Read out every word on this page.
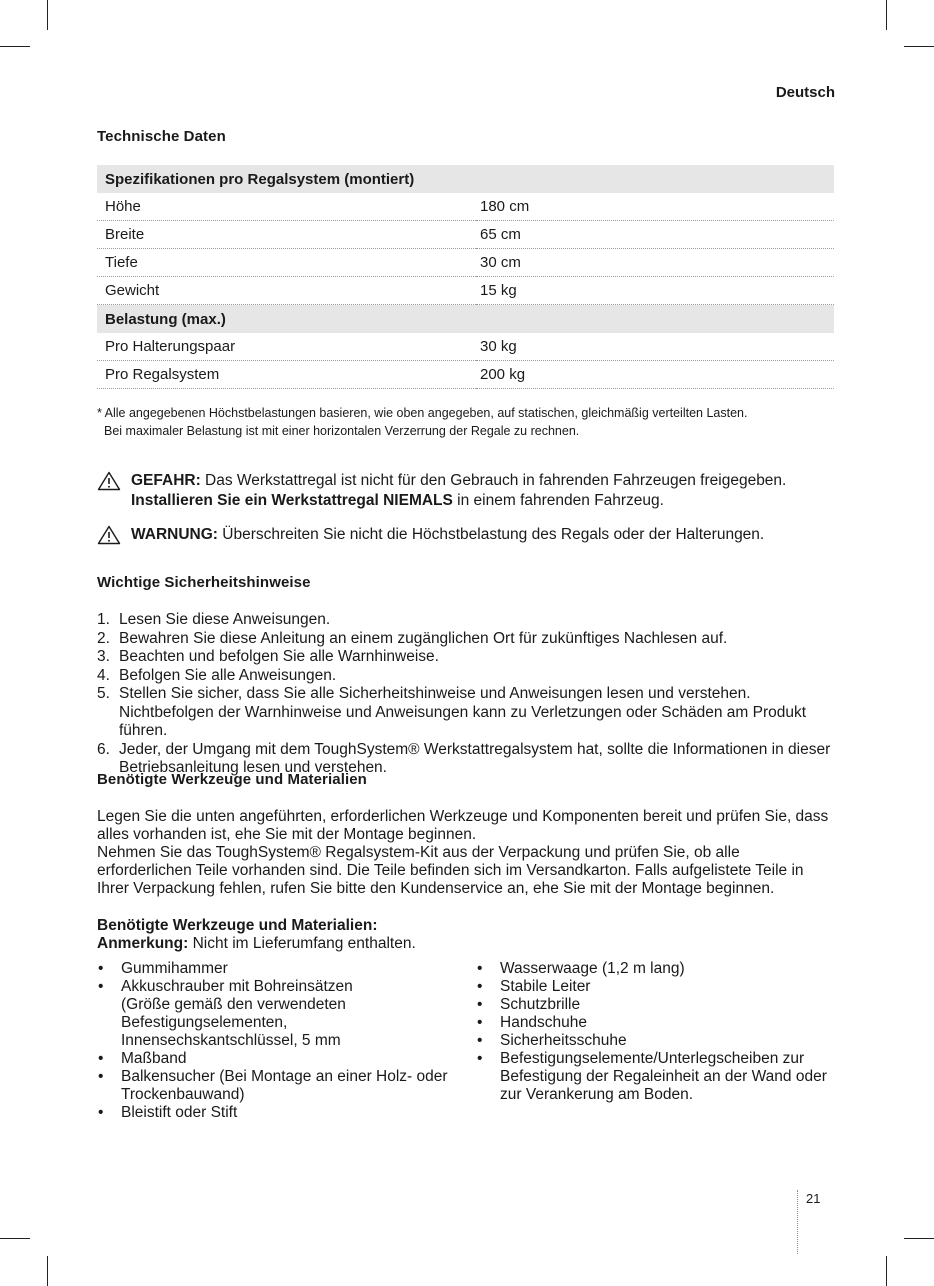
Deutsch
Technische Daten
Spezifikationen pro Regalsystem (montiert)	
Höhe	180 cm
Breite	65 cm
Tiefe	30 cm
Gewicht	15 kg
Belastung (max.)	
Pro Halterungspaar	30 kg
Pro Regalsystem	200 kg
* Alle angegebenen Höchstbelastungen basieren, wie oben angegeben, auf statischen, gleichmäßig verteilten Lasten.
Bei maximaler Belastung ist mit einer horizontalen Verzerrung der Regale zu rechnen.
GEFAHR: Das Werkstattregal ist nicht für den Gebrauch in fahrenden Fahrzeugen freigegeben.
Installieren Sie ein Werkstattregal NIEMALS in einem fahrenden Fahrzeug.
WARNUNG: Überschreiten Sie nicht die Höchstbelastung des Regals oder der Halterungen.
Wichtige Sicherheitshinweise
1. Lesen Sie diese Anweisungen.
2. Bewahren Sie diese Anleitung an einem zugänglichen Ort für zukünftiges Nachlesen auf.
3. Beachten und befolgen Sie alle Warnhinweise.
4. Befolgen Sie alle Anweisungen.
5. Stellen Sie sicher, dass Sie alle Sicherheitshinweise und Anweisungen lesen und verstehen. Nichtbefolgen der Warnhinweise und Anweisungen kann zu Verletzungen oder Schäden am Produkt führen.
6. Jeder, der Umgang mit dem ToughSystem® Werkstattregalsystem hat, sollte die Informationen in dieser Betriebsanleitung lesen und verstehen.
Benötigte Werkzeuge und Materialien
Legen Sie die unten angeführten, erforderlichen Werkzeuge und Komponenten bereit und prüfen Sie, dass alles vorhanden ist, ehe Sie mit der Montage beginnen.
Nehmen Sie das ToughSystem® Regalsystem-Kit aus der Verpackung und prüfen Sie, ob alle erforderlichen Teile vorhanden sind. Die Teile befinden sich im Versandkarton. Falls aufgelistete Teile in Ihrer Verpackung fehlen, rufen Sie bitte den Kundenservice an, ehe Sie mit der Montage beginnen.
Benötigte Werkzeuge und Materialien:
Anmerkung: Nicht im Lieferumfang enthalten.
• Gummihammer
• Akkuschrauber mit Bohreinsätzen (Größe gemäß den verwendeten Befestigungselementen, Innensechskantschlüssel, 5 mm
• Maßband
• Balkensucher (Bei Montage an einer Holz- oder Trockenbauwand)
• Bleistift oder Stift
• Wasserwaage (1,2 m lang)
• Stabile Leiter
• Schutzbrille
• Handschuhe
• Sicherheitsschuhe
• Befestigungselemente/Unterlegscheiben zur Befestigung der Regaleinheit an der Wand oder zur Verankerung am Boden.
21
